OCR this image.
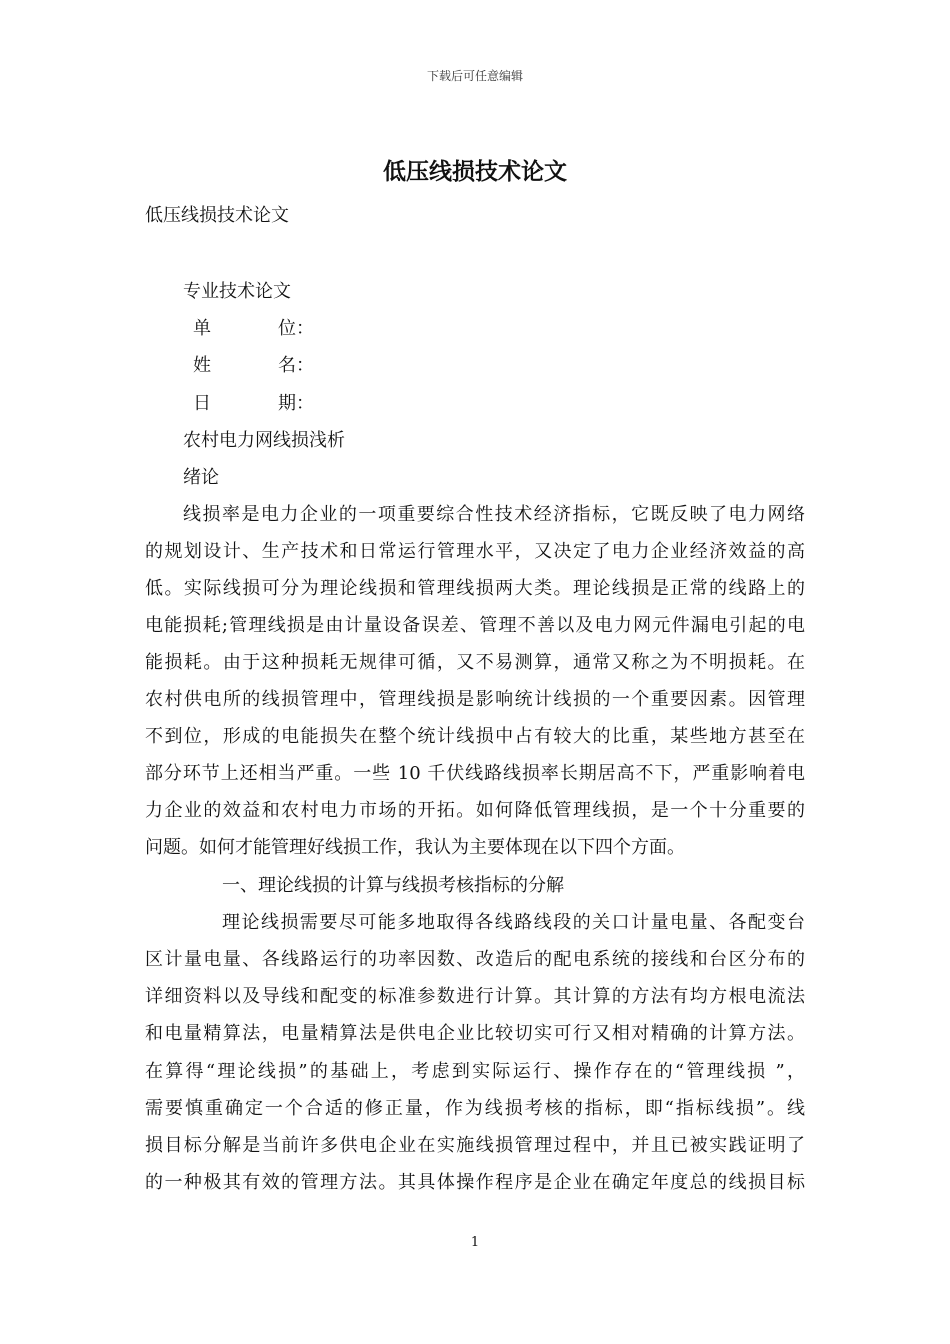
下载后可任意编辑
低压线损技术论文
低压线损技术论文
专业技术论文
单	位：
姓	名：
日	期：
农村电力网线损浅析
绪论
线损率是电力企业的一项重要综合性技术经济指标，它既反映了电力网络
的规划设计、生产技术和日常运行管理水平，又决定了电力企业经济效益的高
低。实际线损可分为理论线损和管理线损两大类。理论线损是正常的线路上的
电能损耗;管理线损是由计量设备误差、管理不善以及电力网元件漏电引起的电
能损耗。由于这种损耗无规律可循，又不易测算，通常又称之为不明损耗。在
农村供电所的线损管理中，管理线损是影响统计线损的一个重要因素。因管理
不到位，形成的电能损失在整个统计线损中占有较大的比重，某些地方甚至在
部分环节上还相当严重。一些 10 千伏线路线损率长期居高不下，严重影响着电
力企业的效益和农村电力市场的开拓。如何降低管理线损，是一个十分重要的
问题。如何才能管理好线损工作，我认为主要体现在以下四个方面。
一、理论线损的计算与线损考核指标的分解
理论线损需要尽可能多地取得各线路线段的关口计量电量、各配变台
区计量电量、各线路运行的功率因数、改造后的配电系统的接线和台区分布的
详细资料以及导线和配变的标准参数进行计算。其计算的方法有均方根电流法
和电量精算法，电量精算法是供电企业比较切实可行又相对精确的计算方法。
在算得“理论线损”的基础上，考虑到实际运行、操作存在的“管理线损 ”，
需要慎重确定一个合适的修正量，作为线损考核的指标，即“指标线损”。线
损目标分解是当前许多供电企业在实施线损管理过程中，并且已被实践证明了
的一种极其有效的管理方法。其具体操作程序是企业在确定年度总的线损目标
1
